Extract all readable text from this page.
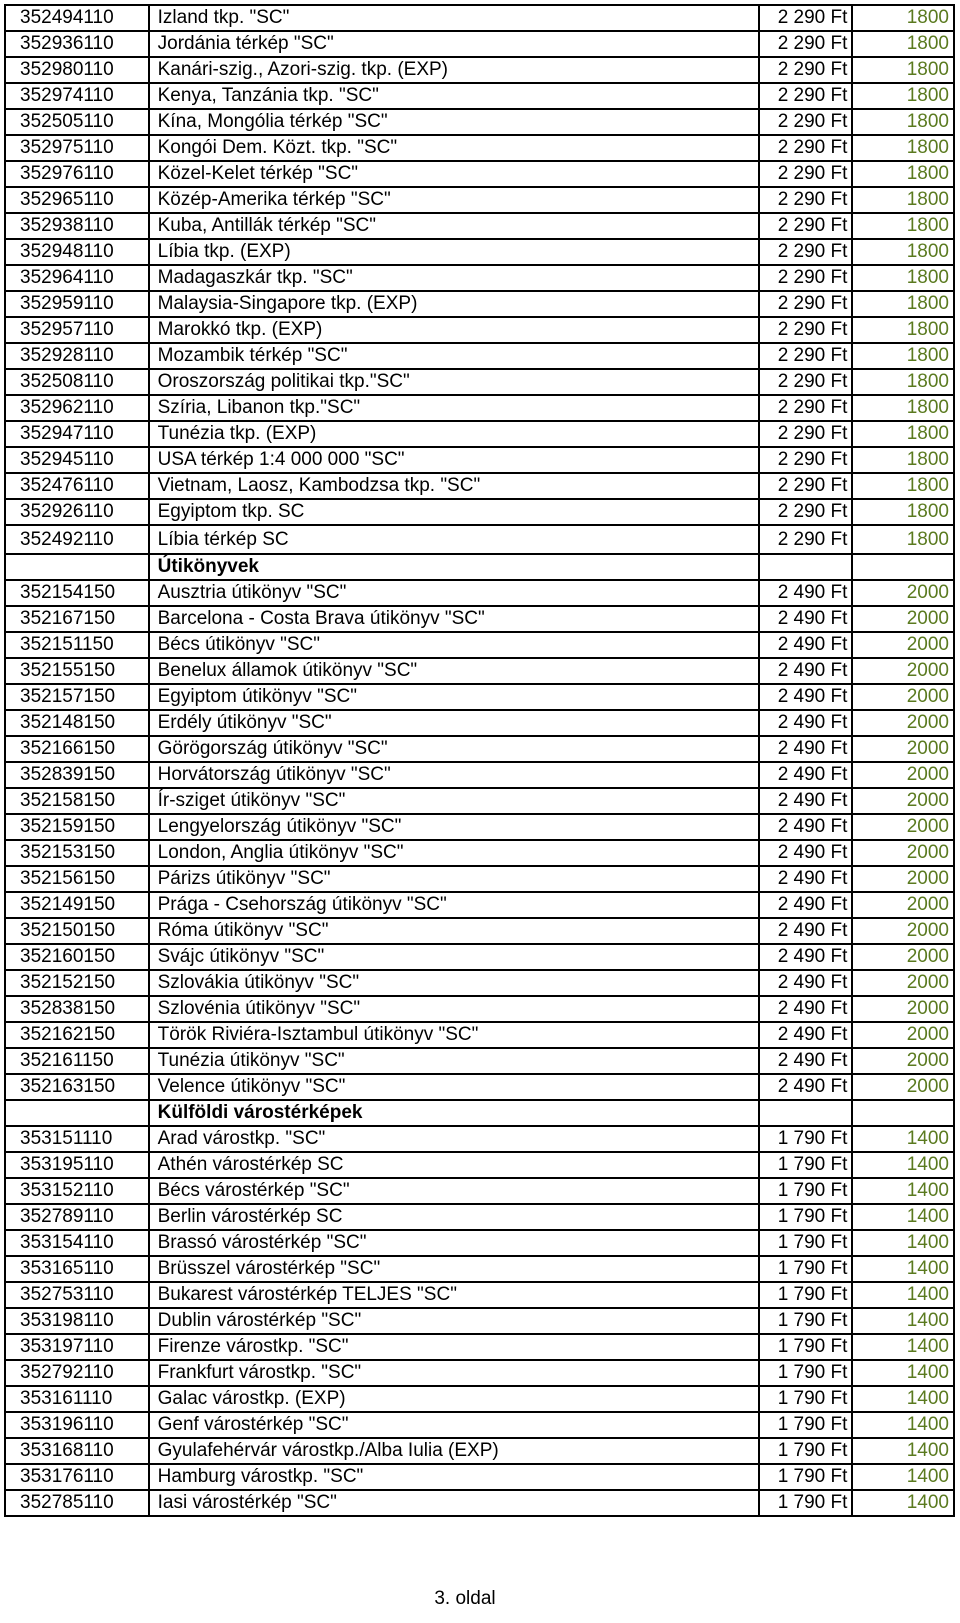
352494110	Izland tkp. "SC"	2 290 Ft	1800
352936110	Jordánia térkép "SC"	2 290 Ft	1800
352980110	Kanári-szig., Azori-szig. tkp. (EXP)	2 290 Ft	1800
352974110	Kenya, Tanzánia tkp. "SC"	2 290 Ft	1800
352505110	Kína, Mongólia térkép "SC"	2 290 Ft	1800
352975110	Kongói Dem. Közt. tkp. "SC"	2 290 Ft	1800
352976110	Közel-Kelet térkép "SC"	2 290 Ft	1800
352965110	Közép-Amerika térkép "SC"	2 290 Ft	1800
352938110	Kuba, Antillák térkép "SC"	2 290 Ft	1800
352948110	Líbia tkp. (EXP)	2 290 Ft	1800
352964110	Madagaszkár tkp. "SC"	2 290 Ft	1800
352959110	Malaysia-Singapore tkp. (EXP)	2 290 Ft	1800
352957110	Marokkó tkp. (EXP)	2 290 Ft	1800
352928110	Mozambik térkép "SC"	2 290 Ft	1800
352508110	Oroszország politikai tkp."SC"	2 290 Ft	1800
352962110	Szíria, Libanon tkp."SC"	2 290 Ft	1800
352947110	Tunézia tkp. (EXP)	2 290 Ft	1800
352945110	USA térkép 1:4 000 000 "SC"	2 290 Ft	1800
352476110	Vietnam, Laosz, Kambodzsa tkp. "SC"	2 290 Ft	1800
352926110	Egyiptom tkp. SC	2 290 Ft	1800
352492110	Líbia térkép SC	2 290 Ft	1800
	Útikönyvek		
352154150	Ausztria útikönyv "SC"	2 490 Ft	2000
352167150	Barcelona - Costa Brava útikönyv "SC"	2 490 Ft	2000
352151150	Bécs útikönyv "SC"	2 490 Ft	2000
352155150	Benelux államok útikönyv "SC"	2 490 Ft	2000
352157150	Egyiptom útikönyv "SC"	2 490 Ft	2000
352148150	Erdély útikönyv "SC"	2 490 Ft	2000
352166150	Görögország útikönyv "SC"	2 490 Ft	2000
352839150	Horvátország útikönyv "SC"	2 490 Ft	2000
352158150	Ír-sziget útikönyv "SC"	2 490 Ft	2000
352159150	Lengyelország útikönyv "SC"	2 490 Ft	2000
352153150	London, Anglia útikönyv "SC"	2 490 Ft	2000
352156150	Párizs útikönyv "SC"	2 490 Ft	2000
352149150	Prága - Csehország útikönyv "SC"	2 490 Ft	2000
352150150	Róma útikönyv "SC"	2 490 Ft	2000
352160150	Svájc útikönyv "SC"	2 490 Ft	2000
352152150	Szlovákia útikönyv "SC"	2 490 Ft	2000
352838150	Szlovénia útikönyv "SC"	2 490 Ft	2000
352162150	Török Riviéra-Isztambul útikönyv "SC"	2 490 Ft	2000
352161150	Tunézia útikönyv "SC"	2 490 Ft	2000
352163150	Velence útikönyv "SC"	2 490 Ft	2000
	Külföldi várostérképek		
353151110	Arad várostkp. "SC"	1 790 Ft	1400
353195110	Athén várostérkép SC	1 790 Ft	1400
353152110	Bécs várostérkép "SC"	1 790 Ft	1400
352789110	Berlin várostérkép SC	1 790 Ft	1400
353154110	Brassó várostérkép "SC"	1 790 Ft	1400
353165110	Brüsszel várostérkép "SC"	1 790 Ft	1400
352753110	Bukarest várostérkép TELJES "SC"	1 790 Ft	1400
353198110	Dublin várostérkép "SC"	1 790 Ft	1400
353197110	Firenze várostkp. "SC"	1 790 Ft	1400
352792110	Frankfurt várostkp. "SC"	1 790 Ft	1400
353161110	Galac várostkp. (EXP)	1 790 Ft	1400
353196110	Genf várostérkép "SC"	1 790 Ft	1400
353168110	Gyulafehérvár várostkp./Alba Iulia (EXP)	1 790 Ft	1400
353176110	Hamburg várostkp. "SC"	1 790 Ft	1400
352785110	Iasi várostérkép "SC"	1 790 Ft	1400
3. oldal
